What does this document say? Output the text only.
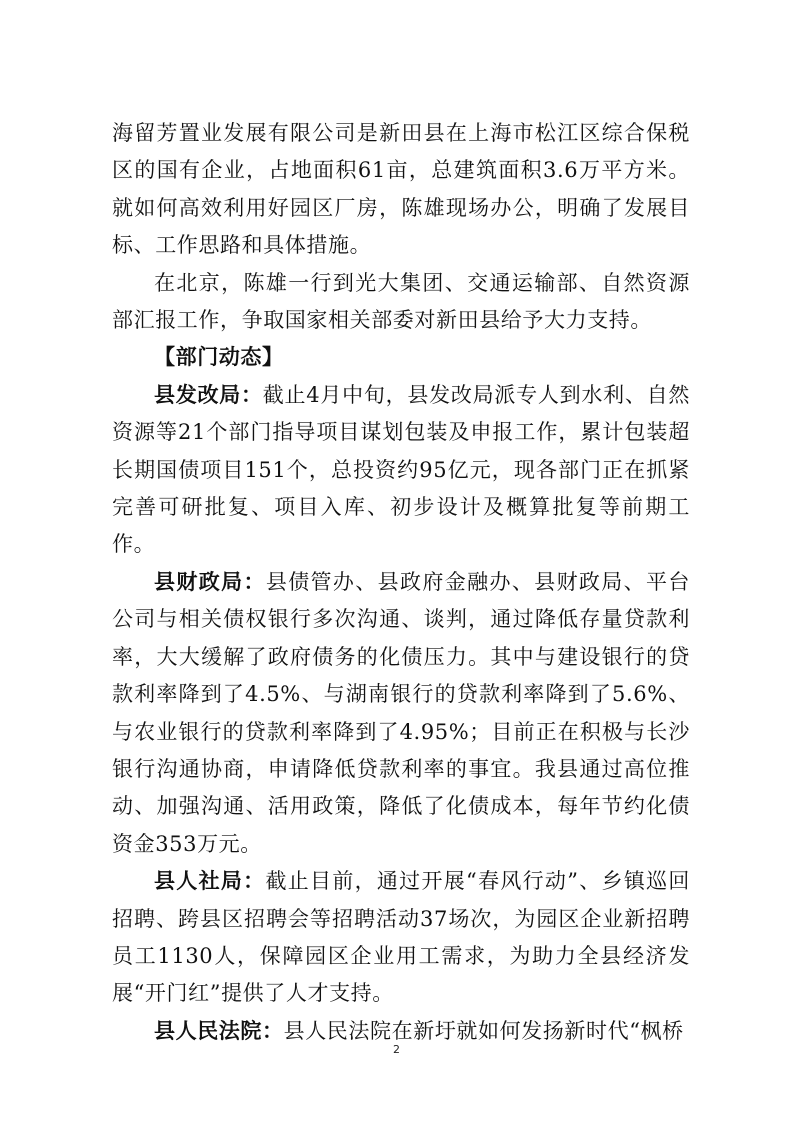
海留芳置业发展有限公司是新田县在上海市松江区综合保税区的国有企业，占地面积61亩，总建筑面积3.6万平方米。就如何高效利用好园区厂房，陈雄现场办公，明确了发展目标、工作思路和具体措施。

在北京，陈雄一行到光大集团、交通运输部、自然资源部汇报工作，争取国家相关部委对新田县给予大力支持。

【部门动态】

县发改局：截止4月中旬，县发改局派专人到水利、自然资源等21个部门指导项目谋划包装及申报工作，累计包装超长期国债项目151个，总投资约95亿元，现各部门正在抓紧完善可研批复、项目入库、初步设计及概算批复等前期工作。

县财政局：县债管办、县政府金融办、县财政局、平台公司与相关债权银行多次沟通、谈判，通过降低存量贷款利率，大大缓解了政府债务的化债压力。其中与建设银行的贷款利率降到了4.5%、与湖南银行的贷款利率降到了5.6%、与农业银行的贷款利率降到了4.95%；目前正在积极与长沙银行沟通协商，申请降低贷款利率的事宜。我县通过高位推动、加强沟通、活用政策，降低了化债成本，每年节约化债资金353万元。

县人社局：截止目前，通过开展“春风行动”、乡镇巡回招聘、跨县区招聘会等招聘活动37场次，为园区企业新招聘员工1130人，保障园区企业用工需求，为助力全县经济发展“开门红”提供了人才支持。

县人民法院：县人民法院在新圩就如何发扬新时代“枫桥

2
